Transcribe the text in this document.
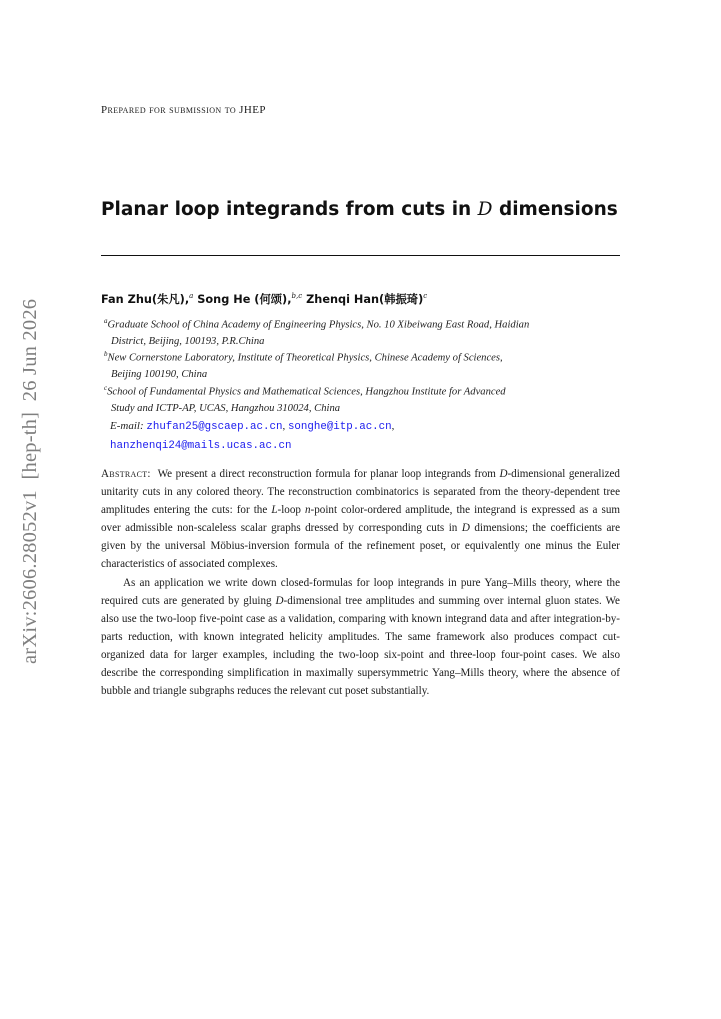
arXiv:2606.28052v1  [hep-th]  26 Jun 2026
Prepared for submission to JHEP
Planar loop integrands from cuts in D dimensions
Fan Zhu(朱凡),$^a$ Song He (何颂),$^{b,c}$ Zhenqi Han(韩振琦)$^c$
$^a$Graduate School of China Academy of Engineering Physics, No. 10 Xibeiwang East Road, Haidian
District, Beijing, 100193, P.R.China
$^b$New Cornerstone Laboratory, Institute of Theoretical Physics, Chinese Academy of Sciences,
Beijing 100190, China
$^c$School of Fundamental Physics and Mathematical Sciences, Hangzhou Institute for Advanced
Study and ICTP-AP, UCAS, Hangzhou 310024, China
E-mail: zhufan25@gscaep.ac.cn, songhe@itp.ac.cn,
hanzhenqi24@mails.ucas.ac.cn

Abstract: We present a direct reconstruction formula for planar loop integrands from D-dimensional generalized unitarity cuts in any colored theory. The reconstruction combinatorics is separated from the theory-dependent tree amplitudes entering the cuts: for the L-loop n-point color-ordered amplitude, the integrand is expressed as a sum over admissible non-scaleless scalar graphs dressed by corresponding cuts in D dimensions; the coefficients are given by the universal Möbius-inversion formula of the refinement poset, or equivalently one minus the Euler characteristics of associated complexes.

As an application we write down closed-formulas for loop integrands in pure Yang–Mills theory, where the required cuts are generated by gluing D-dimensional tree amplitudes and summing over internal gluon states. We also use the two-loop five-point case as a validation, comparing with known integrand data and after integration-by-parts reduction, with known integrated helicity amplitudes. The same framework also produces compact cut-organized data for larger examples, including the two-loop six-point and three-loop four-point cases. We also describe the corresponding simplification in maximally supersymmetric Yang–Mills theory, where the absence of bubble and triangle subgraphs reduces the relevant cut poset substantially.
